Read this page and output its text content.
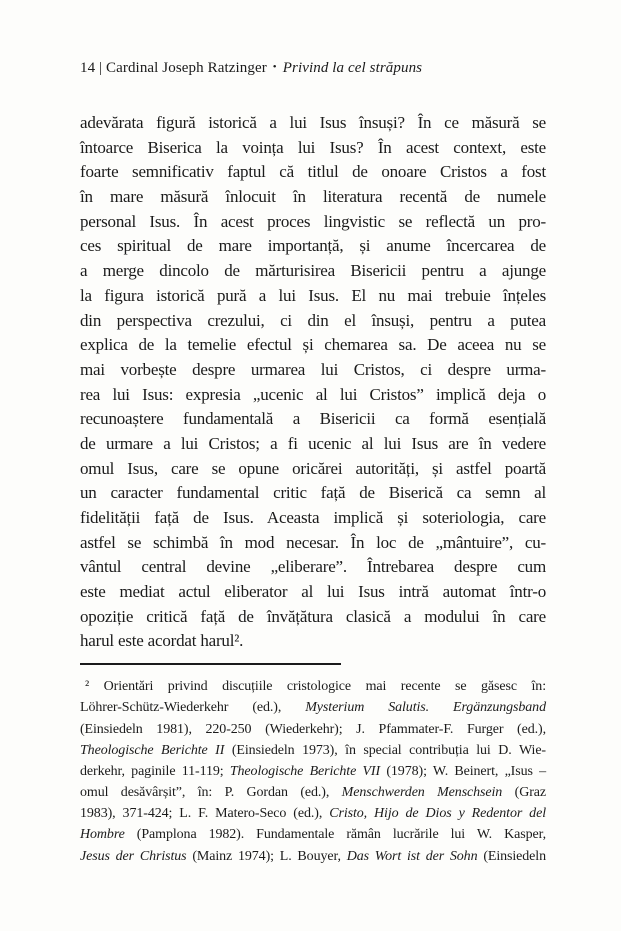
14 | Cardinal Joseph Ratzinger • Privind la cel străpuns
adevărata figură istorică a lui Isus însuși? În ce măsură se
întoarce Biserica la voința lui Isus? În acest context, este
foarte semnificativ faptul că titlul de onoare Cristos a fost
în mare măsură înlocuit în literatura recentă de numele
personal Isus. În acest proces lingvistic se reflectă un pro-
ces spiritual de mare importanță, și anume încercarea de
a merge dincolo de mărturisirea Bisericii pentru a ajunge
la figura istorică pură a lui Isus. El nu mai trebuie înțeles
din perspectiva crezului, ci din el însuși, pentru a putea
explica de la temelie efectul și chemarea sa. De aceea nu se
mai vorbește despre urmarea lui Cristos, ci despre urma-
rea lui Isus: expresia „ucenic al lui Cristos” implică deja o
recunoaștere fundamentală a Bisericii ca formă esențială
de urmare a lui Cristos; a fi ucenic al lui Isus are în vedere
omul Isus, care se opune oricărei autorități, și astfel poartă
un caracter fundamental critic față de Biserică ca semn al
fidelității față de Isus. Aceasta implică și soteriologia, care
astfel se schimbă în mod necesar. În loc de „mântuire”, cu-
vântul central devine „eliberare”. Întrebarea despre cum
este mediat actul eliberator al lui Isus intră automat într-o
opoziție critică față de învățătura clasică a modului în care
harul este acordat harul².
² Orientări privind discuțiile cristologice mai recente se găsesc în:
Löhrer-Schütz-Wiederkehr (ed.), Mysterium Salutis. Ergänzungsband
(Einsiedeln 1981), 220-250 (Wiederkehr); J. Pfammater-F. Furger (ed.),
Theologische Berichte II (Einsiedeln 1973), în special contribuția lui D. Wie-
derkehr, paginile 11-119; Theologische Berichte VII (1978); W. Beinert, „Isus –
omul desăvârșit”, în: P. Gordan (ed.), Menschwerden Menschsein (Graz
1983), 371-424; L. F. Matero-Seco (ed.), Cristo, Hijo de Dios y Redentor del
Hombre (Pamplona 1982). Fundamentale rămân lucrările lui W. Kasper,
Jesus der Christus (Mainz 1974); L. Bouyer, Das Wort ist der Sohn (Einsiedeln
